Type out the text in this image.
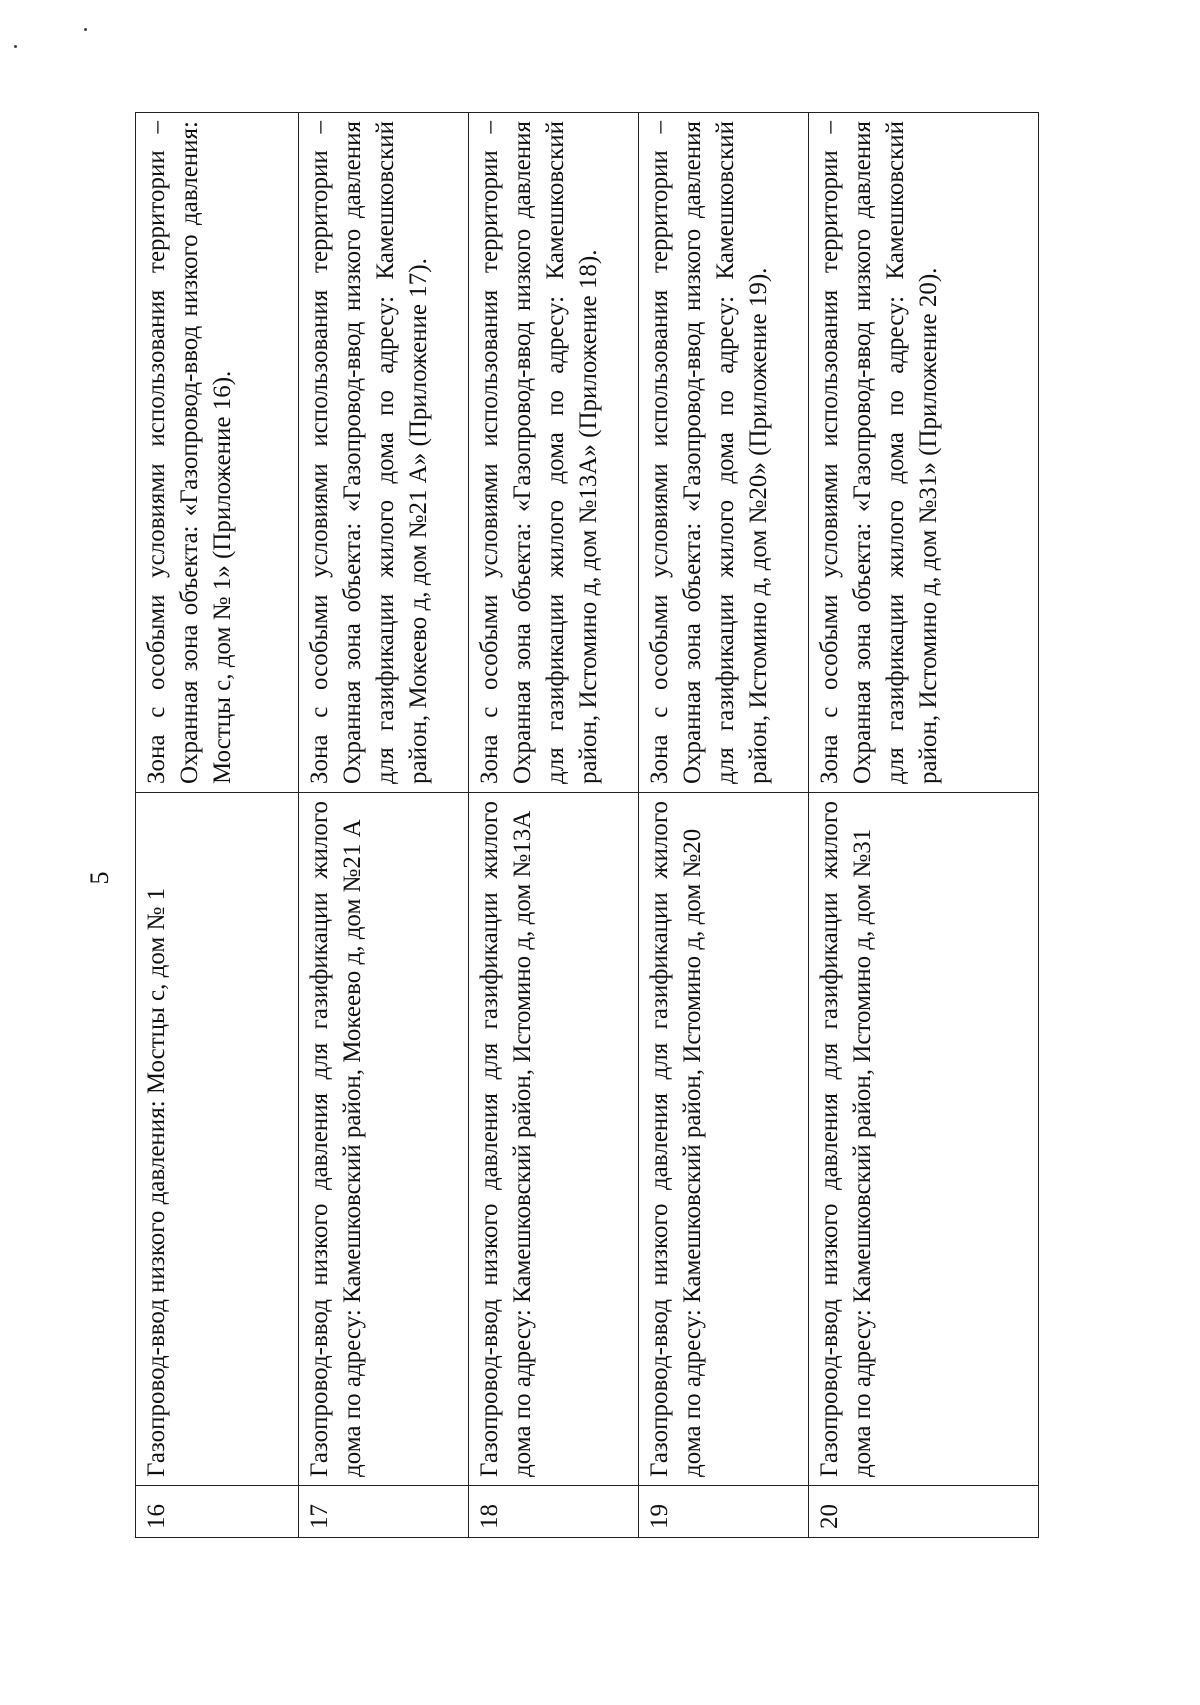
5
16	Газопровод-ввод низкого давления: Мостцы с, дом № 1	Зона с особыми условиями использования территории – Охранная зона объекта: «Газопровод-ввод низкого давления: Мостцы с, дом № 1» (Приложение 16).
17	Газопровод-ввод низкого давления для газификации жилого дома по адресу: Камешковский район, Мокеево д, дом №21 А	Зона с особыми условиями использования территории – Охранная зона объекта: «Газопровод-ввод низкого давления для газификации жилого дома по адресу: Камешковский район, Мокеево д, дом №21 А» (Приложение 17).
18	Газопровод-ввод низкого давления для газификации жилого дома по адресу: Камешковский район, Истомино д, дом №13А	Зона с особыми условиями использования территории – Охранная зона объекта: «Газопровод-ввод низкого давления для газификации жилого дома по адресу: Камешковский район, Истомино д, дом №13А» (Приложение 18).
19	Газопровод-ввод низкого давления для газификации жилого дома по адресу: Камешковский район, Истомино д, дом №20	Зона с особыми условиями использования территории – Охранная зона объекта: «Газопровод-ввод низкого давления для газификации жилого дома по адресу: Камешковский район, Истомино д, дом №20» (Приложение 19).
20	Газопровод-ввод низкого давления для газификации жилого дома по адресу: Камешковский район, Истомино д, дом №31	Зона с особыми условиями использования территории – Охранная зона объекта: «Газопровод-ввод низкого давления для газификации жилого дома по адресу: Камешковский район, Истомино д, дом №31» (Приложение 20).
